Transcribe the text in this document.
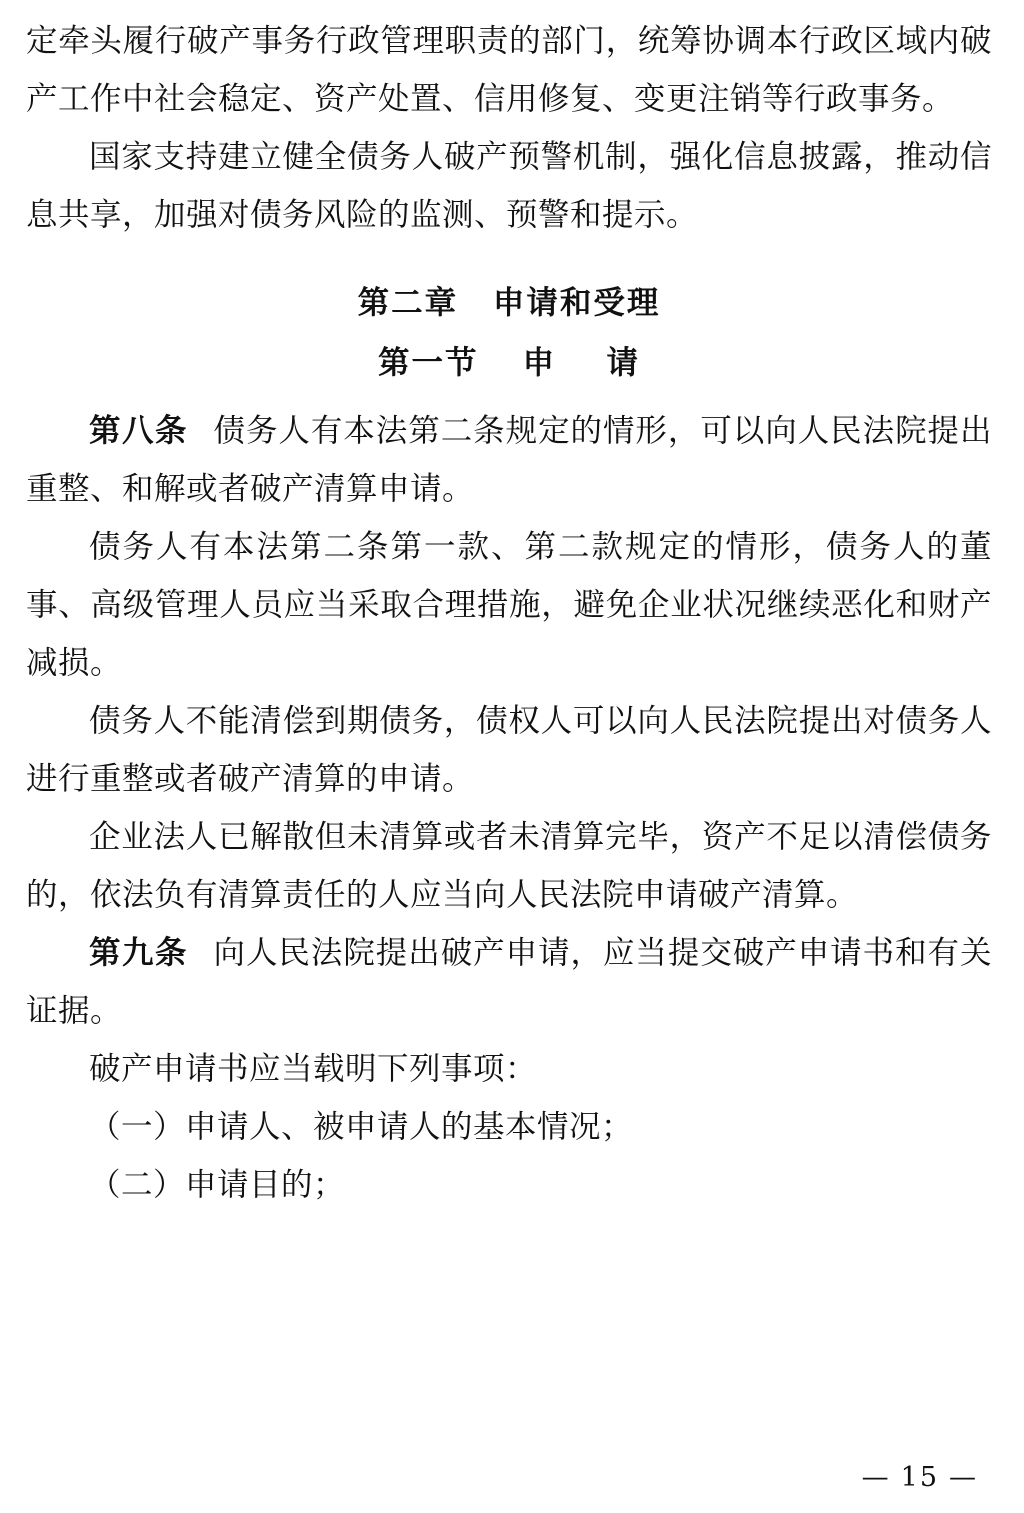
定牵头履行破产事务行政管理职责的部门，统筹协调本行政区域内破产工作中社会稳定、资产处置、信用修复、变更注销等行政事务。

国家支持建立健全债务人破产预警机制，强化信息披露，推动信息共享，加强对债务风险的监测、预警和提示。

第二章 申请和受理
第一节 申 请

第八条 债务人有本法第二条规定的情形，可以向人民法院提出重整、和解或者破产清算申请。

债务人有本法第二条第一款、第二款规定的情形，债务人的董事、高级管理人员应当采取合理措施，避免企业状况继续恶化和财产减损。

债务人不能清偿到期债务，债权人可以向人民法院提出对债务人进行重整或者破产清算的申请。

企业法人已解散但未清算或者未清算完毕，资产不足以清偿债务的，依法负有清算责任的人应当向人民法院申请破产清算。

第九条 向人民法院提出破产申请，应当提交破产申请书和有关证据。

破产申请书应当载明下列事项：

（一）申请人、被申请人的基本情况；

（二）申请目的；

— 15 —
